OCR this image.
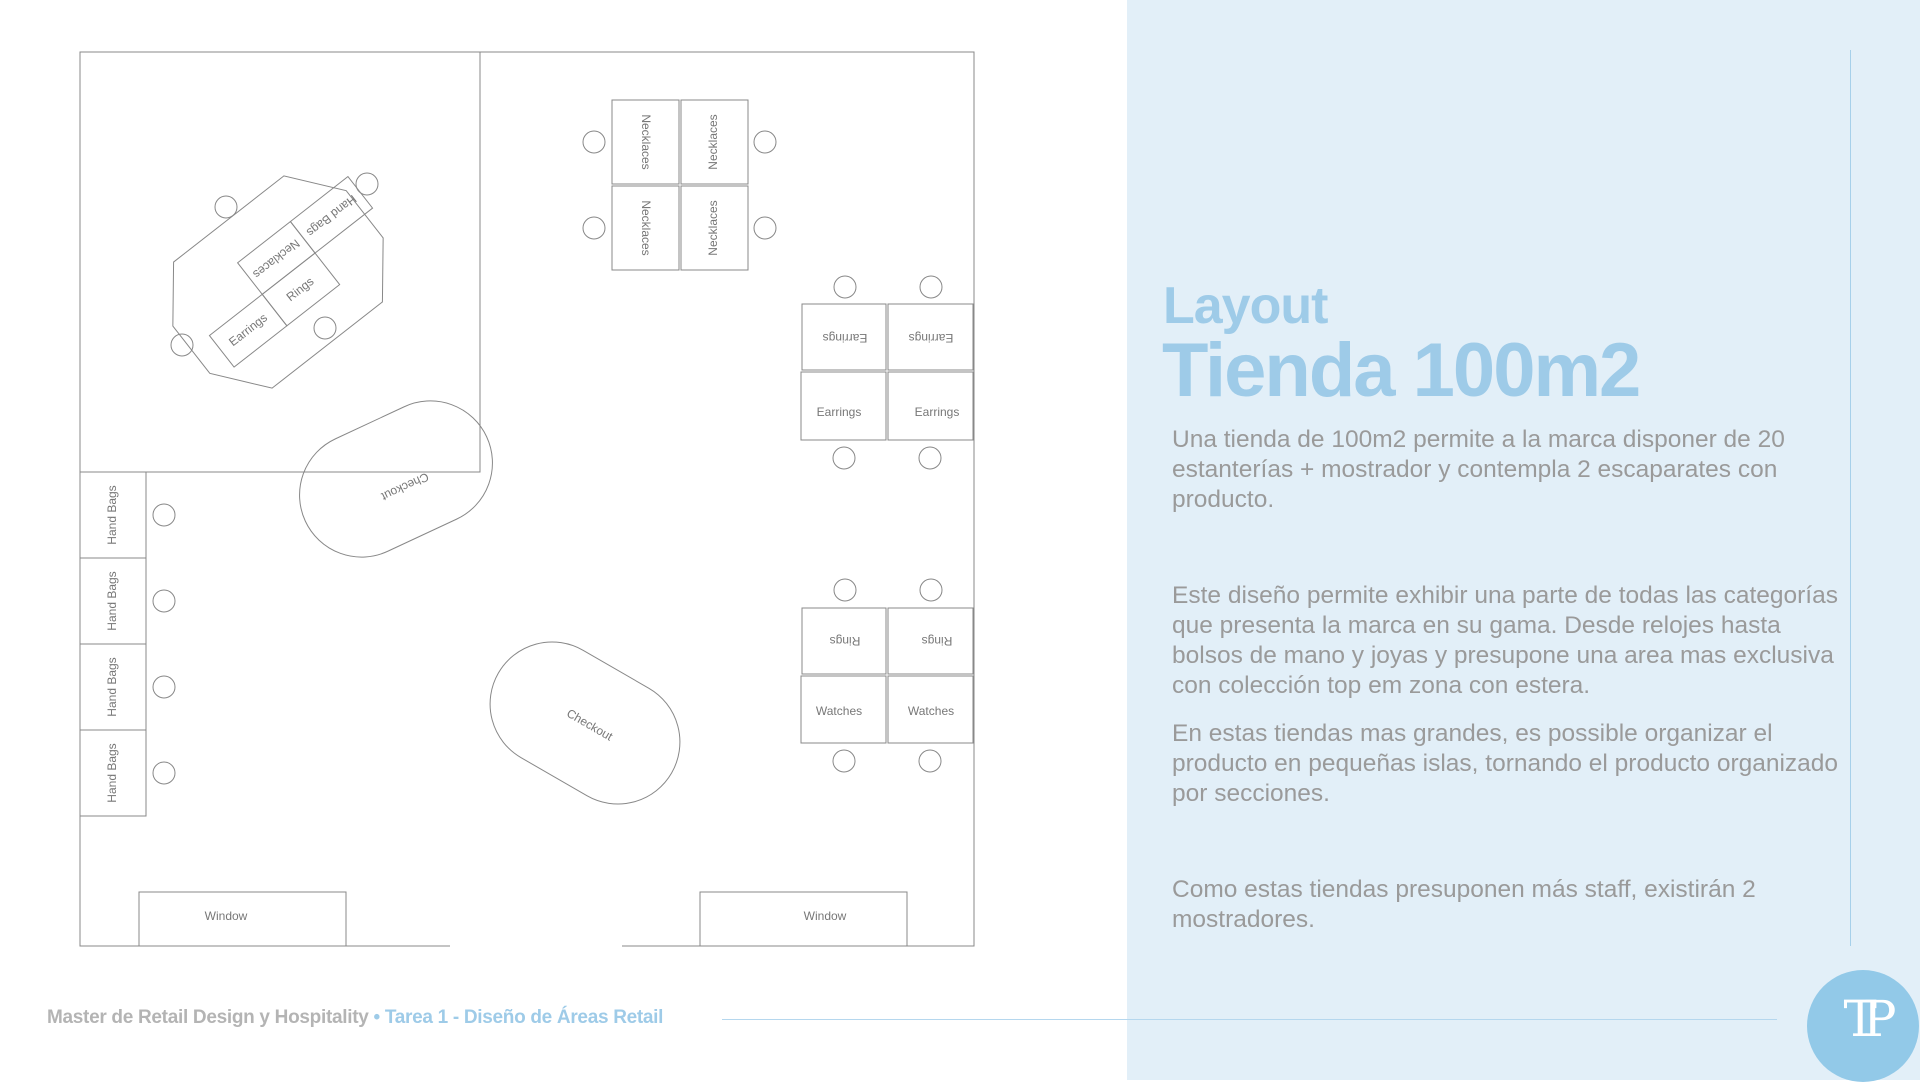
Hand Bags
Necklaces
Rings
Earrings
Hand Bags
Hand Bags
Hand Bags
Hand Bags
Necklaces	Necklaces
Necklaces	Necklaces
Earrings	Earrings
Earrings	Earrings
Rings	Rings
Watches	Watches
Checkout
Checkout
Window	Window
Layout
Tienda 100m2

Una tienda de 100m2 permite a la marca disponer de 20 estanterías + mostrador y contempla 2 escaparates con producto.

Este diseño permite exhibir una parte de todas las categorías que presenta la marca en su gama. Desde relojes hasta bolsos de mano y joyas y presupone una area mas exclusiva con colección top em zona con estera.

En estas tiendas mas grandes, es possible organizar el producto en pequeñas islas, tornando el producto organizado por secciones.

Como estas tiendas presuponen más staff, existirán 2 mostradores.

Master de Retail Design y Hospitality • Tarea 1 - Diseño de Áreas Retail	TP
